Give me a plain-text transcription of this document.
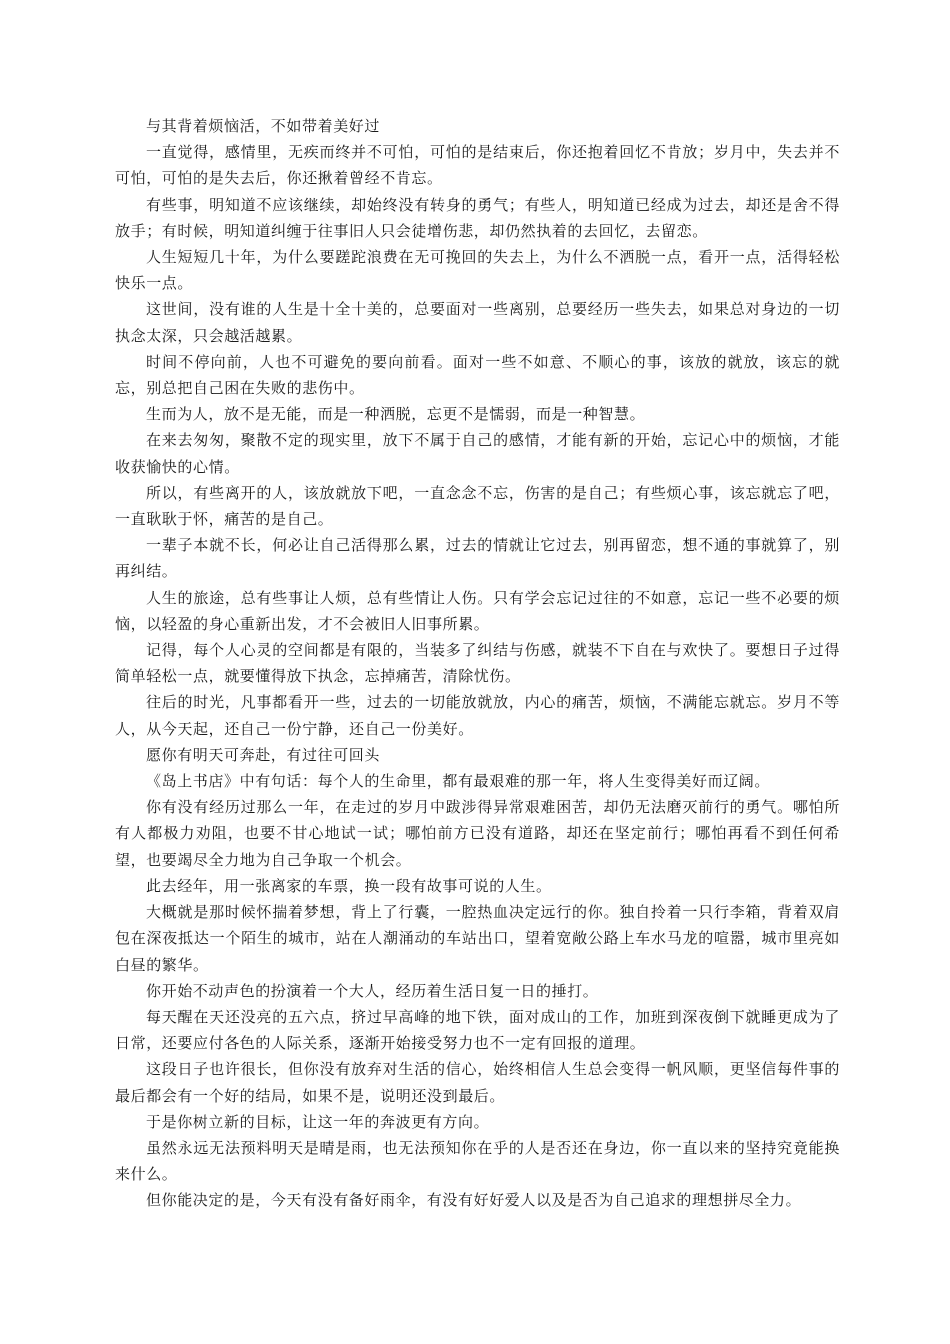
与其背着烦恼活，不如带着美好过

一直觉得，感情里，无疾而终并不可怕，可怕的是结束后，你还抱着回忆不肯放；岁月中，失去并不可怕，可怕的是失去后，你还揪着曾经不肯忘。

有些事，明知道不应该继续，却始终没有转身的勇气；有些人，明知道已经成为过去，却还是舍不得放手；有时候，明知道纠缠于往事旧人只会徒增伤悲，却仍然执着的去回忆，去留恋。

人生短短几十年，为什么要蹉跎浪费在无可挽回的失去上，为什么不洒脱一点，看开一点，活得轻松快乐一点。

这世间，没有谁的人生是十全十美的，总要面对一些离别，总要经历一些失去，如果总对身边的一切执念太深，只会越活越累。

时间不停向前，人也不可避免的要向前看。面对一些不如意、不顺心的事，该放的就放，该忘的就忘，别总把自己困在失败的悲伤中。

生而为人，放不是无能，而是一种洒脱，忘更不是懦弱，而是一种智慧。

在来去匆匆，聚散不定的现实里，放下不属于自己的感情，才能有新的开始，忘记心中的烦恼，才能收获愉快的心情。

所以，有些离开的人，该放就放下吧，一直念念不忘，伤害的是自己；有些烦心事，该忘就忘了吧，一直耿耿于怀，痛苦的是自己。

一辈子本就不长，何必让自己活得那么累，过去的情就让它过去，别再留恋，想不通的事就算了，别再纠结。

人生的旅途，总有些事让人烦，总有些情让人伤。只有学会忘记过往的不如意，忘记一些不必要的烦恼，以轻盈的身心重新出发，才不会被旧人旧事所累。

记得，每个人心灵的空间都是有限的，当装多了纠结与伤感，就装不下自在与欢快了。要想日子过得简单轻松一点，就要懂得放下执念，忘掉痛苦，清除忧伤。

往后的时光，凡事都看开一些，过去的一切能放就放，内心的痛苦，烦恼，不满能忘就忘。岁月不等人，从今天起，还自己一份宁静，还自己一份美好。

愿你有明天可奔赴，有过往可回头

《岛上书店》中有句话：每个人的生命里，都有最艰难的那一年，将人生变得美好而辽阔。

你有没有经历过那么一年，在走过的岁月中跋涉得异常艰难困苦，却仍无法磨灭前行的勇气。哪怕所有人都极力劝阻，也要不甘心地试一试；哪怕前方已没有道路，却还在坚定前行；哪怕再看不到任何希望，也要竭尽全力地为自己争取一个机会。

此去经年，用一张离家的车票，换一段有故事可说的人生。

大概就是那时候怀揣着梦想，背上了行囊，一腔热血决定远行的你。独自拎着一只行李箱，背着双肩包在深夜抵达一个陌生的城市，站在人潮涌动的车站出口，望着宽敞公路上车水马龙的喧嚣，城市里亮如白昼的繁华。

你开始不动声色的扮演着一个大人，经历着生活日复一日的捶打。

每天醒在天还没亮的五六点，挤过早高峰的地下铁，面对成山的工作，加班到深夜倒下就睡更成为了日常，还要应付各色的人际关系，逐渐开始接受努力也不一定有回报的道理。

这段日子也许很长，但你没有放弃对生活的信心，始终相信人生总会变得一帆风顺，更坚信每件事的最后都会有一个好的结局，如果不是，说明还没到最后。

于是你树立新的目标，让这一年的奔波更有方向。

虽然永远无法预料明天是晴是雨，也无法预知你在乎的人是否还在身边，你一直以来的坚持究竟能换来什么。

但你能决定的是，今天有没有备好雨伞，有没有好好爱人以及是否为自己追求的理想拼尽全力。
